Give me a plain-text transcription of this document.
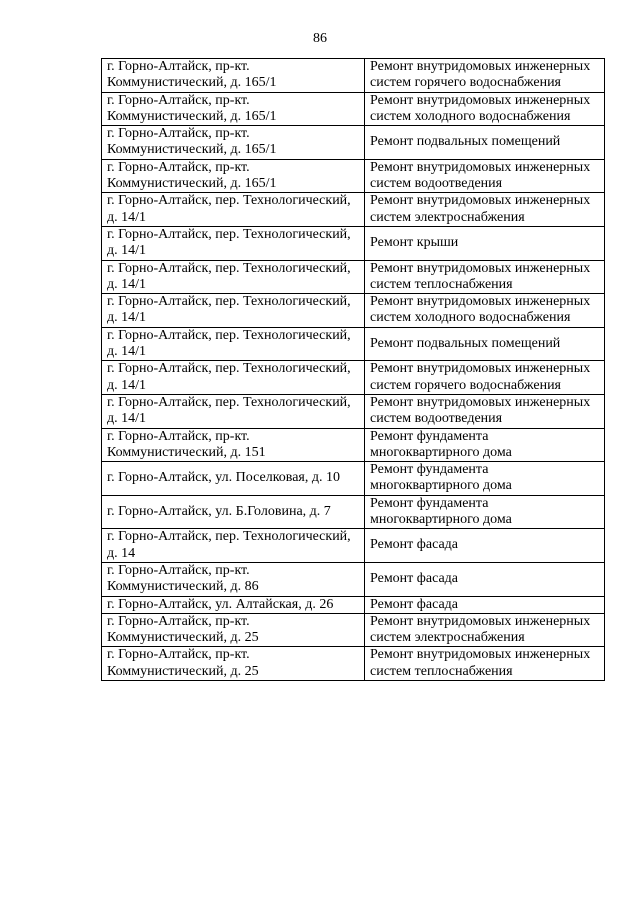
86
г. Горно-Алтайск, пр-кт. Коммунистический, д. 165/1	Ремонт внутридомовых инженерных систем горячего водоснабжения
г. Горно-Алтайск, пр-кт. Коммунистический, д. 165/1	Ремонт внутридомовых инженерных систем холодного водоснабжения
г. Горно-Алтайск, пр-кт. Коммунистический, д. 165/1	Ремонт подвальных помещений
г. Горно-Алтайск, пр-кт. Коммунистический, д. 165/1	Ремонт внутридомовых инженерных систем водоотведения
г. Горно-Алтайск, пер. Технологический, д. 14/1	Ремонт внутридомовых инженерных систем электроснабжения
г. Горно-Алтайск, пер. Технологический, д. 14/1	Ремонт крыши
г. Горно-Алтайск, пер. Технологический, д. 14/1	Ремонт внутридомовых инженерных систем теплоснабжения
г. Горно-Алтайск, пер. Технологический, д. 14/1	Ремонт внутридомовых инженерных систем холодного водоснабжения
г. Горно-Алтайск, пер. Технологический, д. 14/1	Ремонт подвальных помещений
г. Горно-Алтайск, пер. Технологический, д. 14/1	Ремонт внутридомовых инженерных систем горячего водоснабжения
г. Горно-Алтайск, пер. Технологический, д. 14/1	Ремонт внутридомовых инженерных систем водоотведения
г. Горно-Алтайск, пр-кт. Коммунистический, д. 151	Ремонт фундамента многоквартирного дома
г. Горно-Алтайск, ул. Поселковая, д. 10	Ремонт фундамента многоквартирного дома
г. Горно-Алтайск, ул. Б.Головина, д. 7	Ремонт фундамента многоквартирного дома
г. Горно-Алтайск, пер. Технологический, д. 14	Ремонт фасада
г. Горно-Алтайск, пр-кт. Коммунистический, д. 86	Ремонт фасада
г. Горно-Алтайск, ул. Алтайская, д. 26	Ремонт фасада
г. Горно-Алтайск, пр-кт. Коммунистический, д. 25	Ремонт внутридомовых инженерных систем электроснабжения
г. Горно-Алтайск, пр-кт. Коммунистический, д. 25	Ремонт внутридомовых инженерных систем теплоснабжения
